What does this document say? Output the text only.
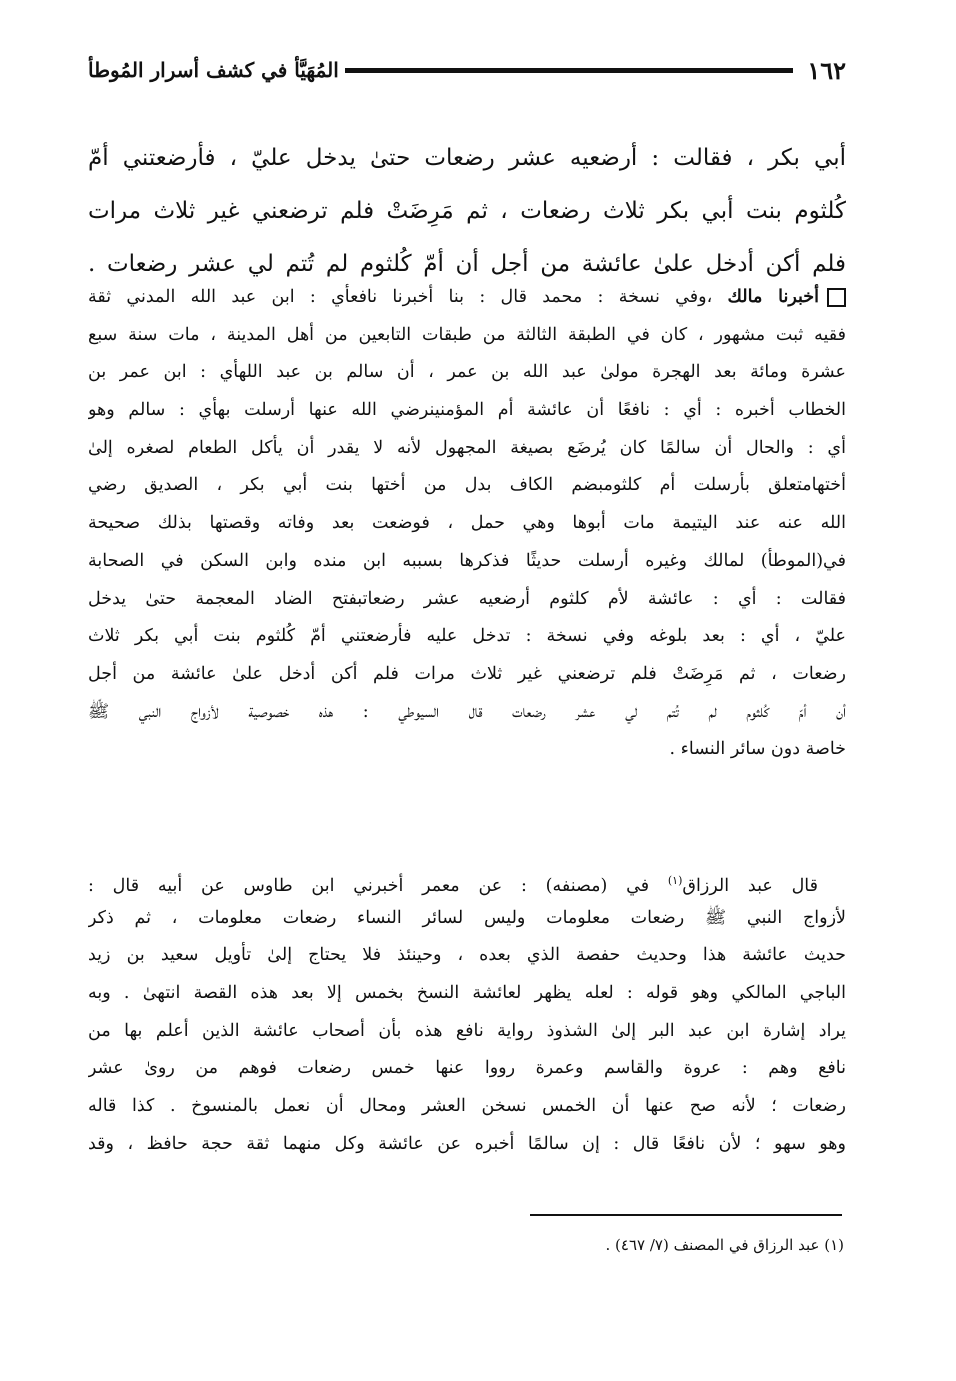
١٦٢
المُهَيَّأ في كشف أسرار المُوطأ
أبي بكر ، فقالت : أرضعيه عشر رضعات حتىٰ يدخل عليّ ، فأرضعتني أمّ
كُلثوم بنت أبي بكر ثلاث رضعات ، ثم مَرِضَتْ فلم ترضعني غير ثلاث مرات
فلم أكن أدخل علىٰ عائشة من أجل أن أمّ كُلثوم لم تُتم لي عشر رضعات .
أخبرنا مالك ،وفي نسخة : محمد قال : بنا أخبرنا نافعأي : ابن عبد الله المدني ثقة
فقيه ثبت مشهور ، كان في الطبقة الثالثة من طبقات التابعين من أهل المدينة ، مات سنة سبع
عشرة ومائة بعد الهجرة مولىٰ عبد الله بن عمر ، أن سالم بن عبد اللهأي : ابن عمر بن
الخطاب أخبره : أي : نافعًا أن عائشة أم المؤمنينرضي الله عنها أرسلت بهأي : سالم وهو
أي : والحال أن سالمًا كان يُرضَع بصيغة المجهول لأنه لا يقدر أن يأكل الطعام لصغره إلىٰ
أختهامتعلق بأرسلت أم كلثومبضم الكاف بدل من أختها بنت أبي بكر ، الصديق رضي
الله عنه عند اليتيمة مات أبوها وهي حمل ، فوضعت بعد وفاته وقصتها بذلك صحيحة
في(الموطأ) لمالك وغيره أرسلت حديثًا فذكرها بسببه ابن منده وابن السكن في الصحابة
فقالت : أي : عائشة لأم كلثوم أرضعيه عشر رضعاتبفتح الضاد المعجمة حتىٰ يدخل
عليّ ، أي : بعد بلوغه وفي نسخة : تدخل عليه فأرضعتني أمّ كُلثوم بنت أبي بكر ثلاث
رضعات ، ثم مَرِضَتْ فلم ترضعني غير ثلاث مرات فلم أكن أدخل علىٰ عائشة من أجل
أن أمّ كُلثوم لم تُتم لي عشر رضعات قال السيوطي : هذه خصوصية لأزواج النبي ﷺ
خاصة دون سائر النساء .
قال عبد الرزاق$^{(١)}$ في (مصنفه) : عن معمر أخبرني ابن طاوس عن أبيه قال :
لأزواج النبي ﷺ رضعات معلومات وليس لسائر النساء رضعات معلومات ، ثم ذكر
حديث عائشة هذا وحديث حفصة الذي بعده ، وحينئذ فلا يحتاج إلىٰ تأويل سعيد بن زيد
الباجي المالكي وهو قوله : لعله يظهر لعائشة النسخ بخمس إلا بعد هذه القصة انتهىٰ . وبه
يراد إشارة ابن عبد البر إلىٰ الشذوذ رواية نافع هذه بأن أصحاب عائشة الذين أعلم بها من
نافع وهم : عروة والقاسم وعمرة رووا عنها خمس رضعات فوهم من روىٰ عشر
رضعات ؛ لأنه صح عنها أن الخمس نسخن العشر ومحال أن نعمل بالمنسوخ . كذا قاله
وهو سهو ؛ لأن نافعًا قال : إن سالمًا أخبره عن عائشة وكل منهما ثقة حجة حافظ ، وقد
(١) عبد الرزاق في المصنف (٧/ ٤٦٧) .
